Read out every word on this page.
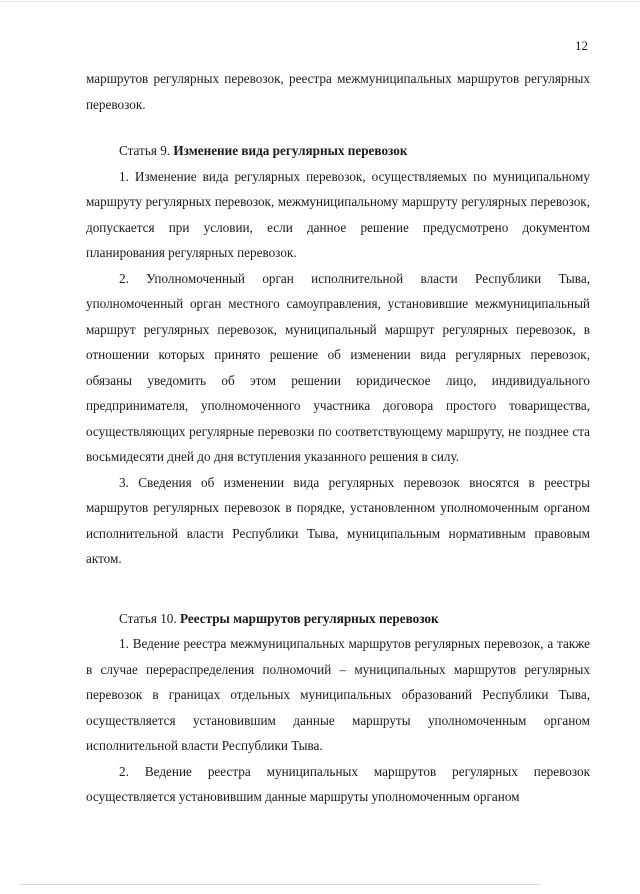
12

маршрутов регулярных перевозок, реестра межмуниципальных маршрутов регулярных перевозок.

Статья 9. Изменение вида регулярных перевозок

1. Изменение вида регулярных перевозок, осуществляемых по муниципальному маршруту регулярных перевозок, межмуниципальному маршруту регулярных перевозок, допускается при условии, если данное решение предусмотрено документом планирования регулярных перевозок.

2. Уполномоченный орган исполнительной власти Республики Тыва, уполномоченный орган местного самоуправления, установившие межмуниципальный маршрут регулярных перевозок, муниципальный маршрут регулярных перевозок, в отношении которых принято решение об изменении вида регулярных перевозок, обязаны уведомить об этом решении юридическое лицо, индивидуального предпринимателя, уполномоченного участника договора простого товарищества, осуществляющих регулярные перевозки по соответствующему маршруту, не позднее ста восьмидесяти дней до дня вступления указанного решения в силу.

3. Сведения об изменении вида регулярных перевозок вносятся в реестры маршрутов регулярных перевозок в порядке, установленном уполномоченным органом исполнительной власти Республики Тыва, муниципальным нормативным правовым актом.

Статья 10. Реестры маршрутов регулярных перевозок

1. Ведение реестра межмуниципальных маршрутов регулярных перевозок, а также в случае перераспределения полномочий – муниципальных маршрутов регулярных перевозок в границах отдельных муниципальных образований Республики Тыва, осуществляется установившим данные маршруты уполномоченным органом исполнительной власти Республики Тыва.

2. Ведение реестра муниципальных маршрутов регулярных перевозок осуществляется установившим данные маршруты уполномоченным органом
